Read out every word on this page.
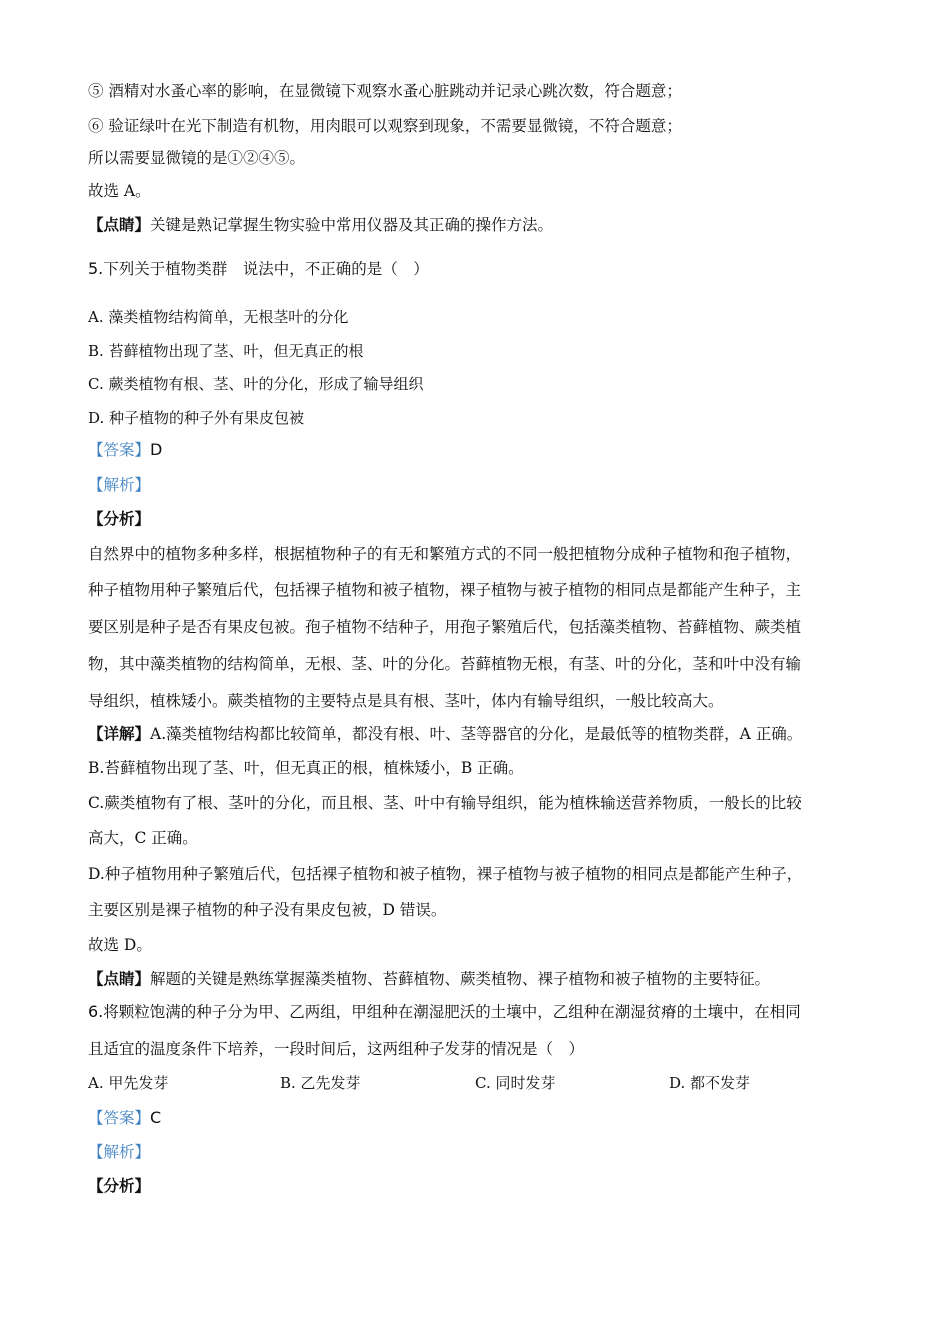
⑤ 酒精对水蚤心率的影响，在显微镜下观察水蚤心脏跳动并记录心跳次数，符合题意；
⑥ 验证绿叶在光下制造有机物，用肉眼可以观察到现象，不需要显微镜，不符合题意；
所以需要显微镜的是①②④⑤。
故选 A。
【点睛】关键是熟记掌握生物实验中常用仪器及其正确的操作方法。
5.下列关于植物类群　说法中，不正确的是（　）
A. 藻类植物结构简单，无根茎叶的分化
B. 苔藓植物出现了茎、叶，但无真正的根
C. 蕨类植物有根、茎、叶的分化，形成了输导组织
D. 种子植物的种子外有果皮包被
【答案】D
【解析】
【分析】
自然界中的植物多种多样，根据植物种子的有无和繁殖方式的不同一般把植物分成种子植物和孢子植物，
种子植物用种子繁殖后代，包括裸子植物和被子植物，裸子植物与被子植物的相同点是都能产生种子，主
要区别是种子是否有果皮包被。孢子植物不结种子，用孢子繁殖后代，包括藻类植物、苔藓植物、蕨类植
物，其中藻类植物的结构简单，无根、茎、叶的分化。苔藓植物无根，有茎、叶的分化，茎和叶中没有输
导组织，植株矮小。蕨类植物的主要特点是具有根、茎叶，体内有输导组织，一般比较高大。
【详解】A.藻类植物结构都比较简单，都没有根、叶、茎等器官的分化，是最低等的植物类群，A 正确。
B.苔藓植物出现了茎、叶，但无真正的根，植株矮小，B 正确。
C.蕨类植物有了根、茎叶的分化，而且根、茎、叶中有输导组织，能为植株输送营养物质，一般长的比较
高大，C 正确。
D.种子植物用种子繁殖后代，包括裸子植物和被子植物，裸子植物与被子植物的相同点是都能产生种子，
主要区别是裸子植物的种子没有果皮包被，D 错误。
故选 D。
【点睛】解题的关键是熟练掌握藻类植物、苔藓植物、蕨类植物、裸子植物和被子植物的主要特征。
6.将颗粒饱满的种子分为甲、乙两组，甲组种在潮湿肥沃的土壤中，乙组种在潮湿贫瘠的土壤中，在相同
且适宜的温度条件下培养，一段时间后，这两组种子发芽的情况是（　）
A. 甲先发芽	B. 乙先发芽	C. 同时发芽	D. 都不发芽
【答案】C
【解析】
【分析】
